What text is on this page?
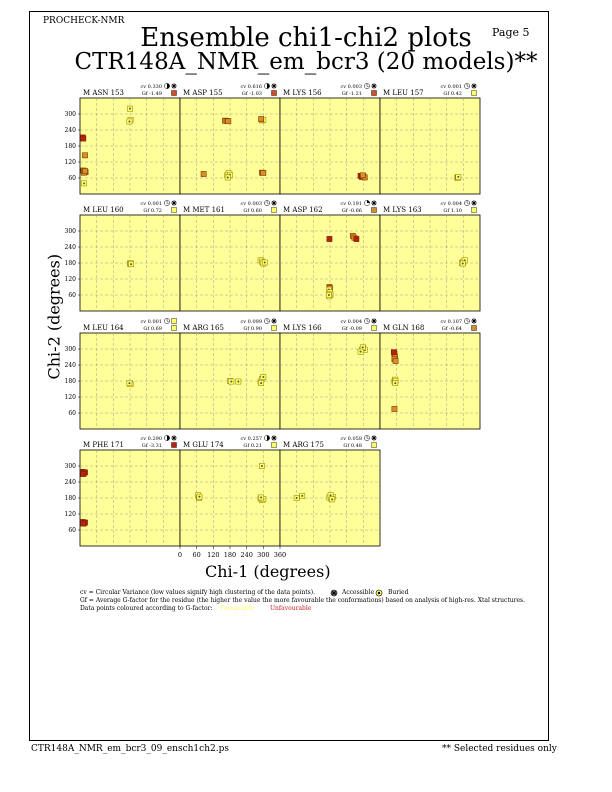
PROCHECK-NMR
Page 5
Ensemble chi1-chi2 plots
CTR148A_NMR_em_bcr3 (20 models)**
Chi-2 (degrees)
Chi-1 (degrees)
M ASN 153
cv 0.330
Gf -1.49
60
120
180
240
300
M ASP 155
cv 0.616
Gf -1.03	M LYS 156
cv 0.003
Gf -1.21	M LEU 157
cv 0.001
Gf 0.42
M LEU 160
cv 0.001
Gf 0.72
60
120
180
240
300
M MET 161
cv 0.003
Gf 0.60	M ASP 162
cv 0.191
Gf -0.66	M LYS 163
cv 0.004
Gf 1.10
M LEU 164
cv 0.001
Gf 0.69
60
120
180
240
300
M ARG 165
cv 0.099
Gf 0.90	M LYS 166
cv 0.004
Gf -0.09	M GLN 168
cv 0.107
Gf -0.64
M PHE 171
cv 0.290
Gf -3.31
60
120
180
240
300
M GLU 174
cv 0.257
Gf 0.21	M ARG 175
cv 0.058
Gf 0.48
0 60 120 180 240 300 360
cv = Circular Variance (low values signify high clustering of the data points).	Accessible Buried
Gf = Average G-factor for the residue (the higher the value the more favourable the conformations) based on analysis of high-res. Xtal structures.
Data points coloured according to G-factor: Favourable	Unfavourable
CTR148A_NMR_em_bcr3_09_ensch1ch2.ps	** Selected residues only
